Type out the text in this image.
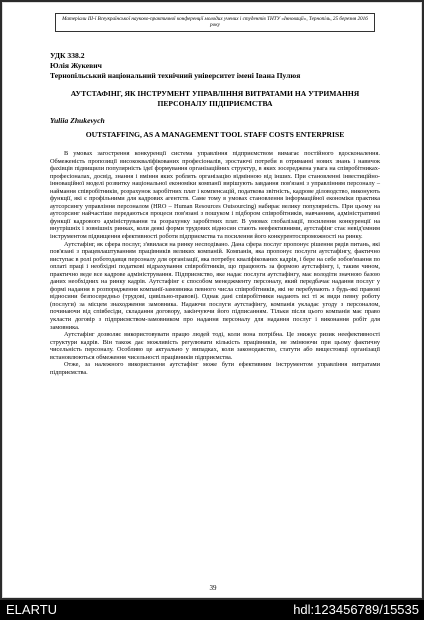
Матеріали ІІІ-ї Всеукраїнської науково-практичної конференції молодих учених і студентів ТНТУ «Інновації», Тернопіль, 25 березня 2016 року
УДК 338.2
Юлія Жукевич
Тернопільський національний технічний університет імені Івана Пулюя
АУТСТАФІНГ, ЯК ІНСТРУМЕНТ УПРАВЛІННЯ ВИТРАТАМИ НА УТРИМАННЯ ПЕРСОНАЛУ ПІДПРИЄМСТВА
Yuliia Zhukevych
OUTSTAFFING, AS A MANAGEMENT TOOL STAFF COSTS ENTERPRISE

В умовах загострення конкуренції система управління підприємством вимагає постійного вдосконалення. Обмеженість пропозиції висококваліфікованих професіоналів, зростаючі потреби в отриманні нових знань і навичок фахівців підвищили популярність ідеї формування організаційних структур, в яких зосереджена увага на співробітниках-професіоналах, досвід, знання і вміння яких роблять організацію відмінною від інших. При становленні інвестиційно-інноваційної моделі розвитку національної економіки компанії вирішують завдання пов'язані з управлінням персоналу – наймання співробітників, розрахунок заробітних плат і компенсацій, податкова звітність, кадрове діловодство, виконують функції, які є профільними для кадрових агентств. Саме тому в умовах становлення інформаційної економіки практика аутсорсингу управління персоналом (HRO – Human Resources Outsourcing) набирає велику популярність. При цьому на аутсорсинг найчастіше передаються процеси пов'язані з пошуком і підбором співробітників, навчанням, адміністративні функції кадрового адміністрування та розрахунку заробітних плат. В умовах глобалізації, посилення конкуренції на внутрішніх і зовнішніх ринках, коли деякі форми трудових відносин стають неефективними, аутстафінг стає невід'ємним інструментом підвищення ефективності роботи підприємства та посилення його конкурентоспроможності на ринку.

Аутстафінг, як сфера послуг, з'явилася на ринку несподівано. Дана сфера послуг пропонує рішення рядів питань, які пов'язані з працевлаштуванням працівників великих компаній. Компанія, яка пропонує послуги аутстафінгу, фактично виступає в ролі роботодавця персоналу для організації, яка потребує кваліфікованих кадрів, і бере на себе зобов'язання по оплаті праці і необхідні податкові відрахування співробітників, що працюють за формою аутстафінгу, і, таким чином, практично веде все кадрове адміністрування. Підприємство, яке надає послуги аутстафінгу, має володіти значною базою даних необхідних на ринку кадрів. Аутстафінг є способом менеджменту персоналу, який передбачає надання послуг у формі надання в розпорядження компанії-замовника певного числа співробітників, які не перебувають з будь-які правові відносини безпосередньо (трудові, цивільно-правові). Однак дані співробітники надають всі ті ж види певну роботу (послуги) за місцем знаходження замовника. Надаючи послуги аутстафінгу, компанія укладає угоду з персоналом, починаючи від співбесіди, складання договору, закінчуючи його підписанням. Тільки після цього компанія має право укласти договір з підприємством-замовником про надання персоналу для надання послуг і виконання робіт для замовника.

Аутстафінг дозволяє використовувати працю людей тоді, коли вона потрібна. Це знижує ризик неефективності структури кадрів. Він також дає можливість регулювати кількість працівників, не змінюючи при цьому фактичну чисельність персоналу. Особливо це актуально у випадках, коли законодавство, статути або вищестоящі організації встановлюються обмеження чисельності працівників підприємства.

Отже, за належного використання аутстафінг може бути ефективним інструментом управління витратами підприємства.

39
ELARTU	hdl:123456789/15535
